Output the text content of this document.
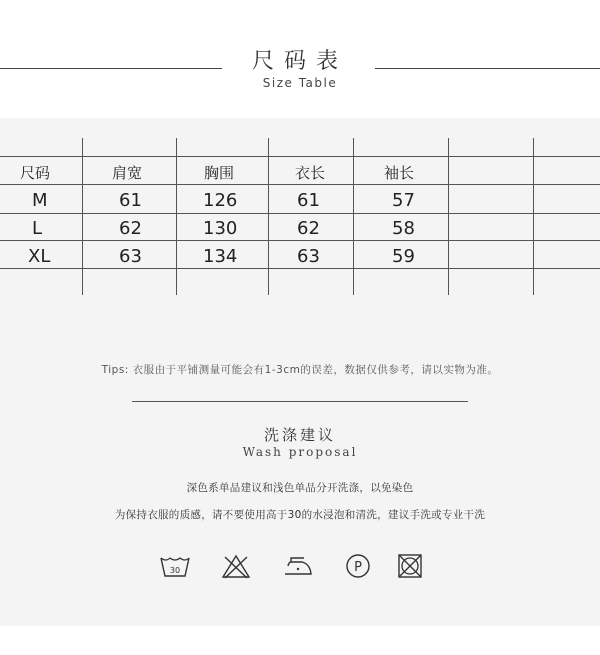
尺码表
Size Table
尺码	肩宽	胸围	衣长	袖长
M	61	126	61	57
L	62	130	62	58
XL	63	134	63	59
Tips: 衣服由于平铺测量可能会有1-3cm的误差，数据仅供参考，请以实物为准。
洗涤建议
Wash proposal
深色系单品建议和浅色单品分开洗涤，以免染色
为保持衣服的质感，请不要使用高于30的水浸泡和清洗，建议手洗或专业干洗
30	P
